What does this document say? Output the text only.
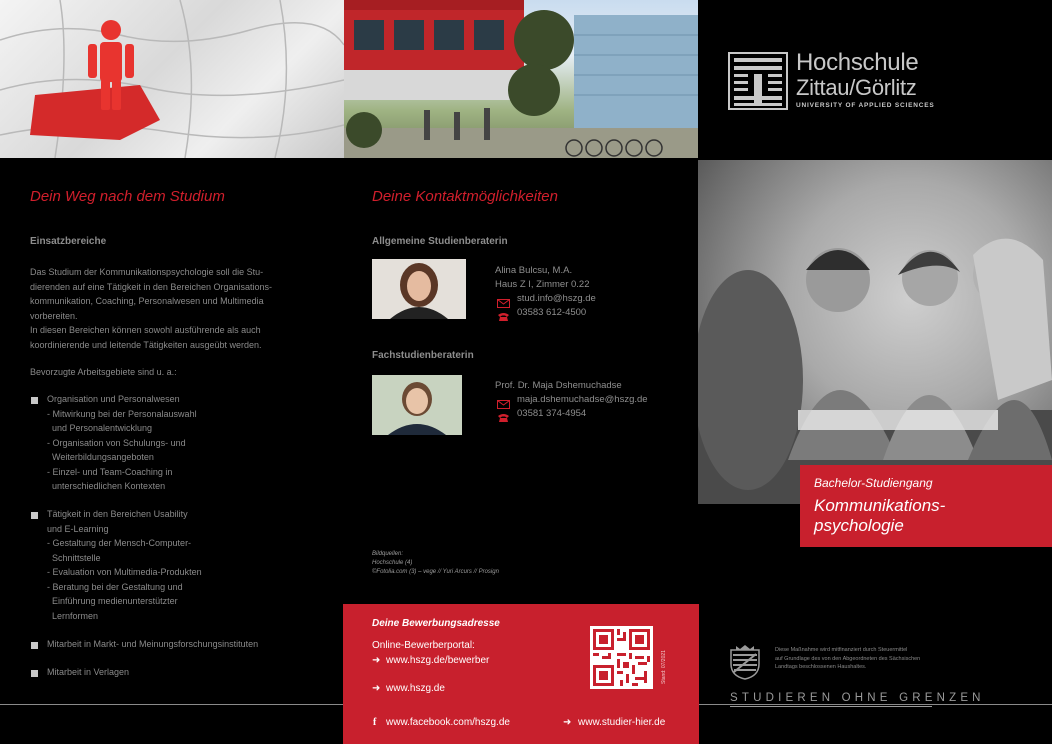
Hochschule
Zittau/Görlitz
UNIVERSITY OF APPLIED SCIENCES
Bachelor-Studiengang
Kommunikations-
psychologie
Diese Maßnahme wird mitfinanziert durch Steuermittel
auf Grundlage des von den Abgeordneten des Sächsischen
Landtags beschlossenen Haushaltes.
STUDIEREN OHNE GRENZEN
Dein Weg nach dem Studium
Einsatzbereiche
Das Studium der Kommunikationspsychologie soll die Stu-
dierenden auf eine Tätigkeit in den Bereichen Organisations-
kommunikation, Coaching, Personalwesen und Multimedia
vorbereiten.
In diesen Bereichen können sowohl ausführende als auch
koordinierende und leitende Tätigkeiten ausgeübt werden.
Bevorzugte Arbeitsgebiete sind u. a.:
Organisation und Personalwesen
- Mitwirkung bei der Personalauswahl
und Personalentwicklung
- Organisation von Schulungs- und
Weiterbildungsangeboten
- Einzel- und Team-Coaching in
unterschiedlichen Kontexten
Tätigkeit in den Bereichen Usability
und E-Learning
- Gestaltung der Mensch-Computer-
Schnittstelle
- Evaluation von Multimedia-Produkten
- Beratung bei der Gestaltung und
Einführung medienunterstützter
Lernformen
Mitarbeit in Markt- und Meinungsforschungsinstituten
Mitarbeit in Verlagen
Deine Kontaktmöglichkeiten
Allgemeine Studienberaterin
Alina Bulcsu, M.A.
Haus Z I, Zimmer 0.22
stud.info@hszg.de
03583 612-4500
Fachstudienberaterin
Prof. Dr. Maja Dshemuchadse
maja.dshemuchadse@hszg.de
03581 374-4954
Bildquellen:
Hochschule (4)
©Fotolia.com (3) – vege // Yuri Arcurs // Prosign
Deine Bewerbungsadresse
Online-Bewerberportal:
➜ www.hszg.de/bewerber
➜ www.hszg.de
f www.facebook.com/hszg.de	➜ www.studier-hier.de
Stand: 07/2021
